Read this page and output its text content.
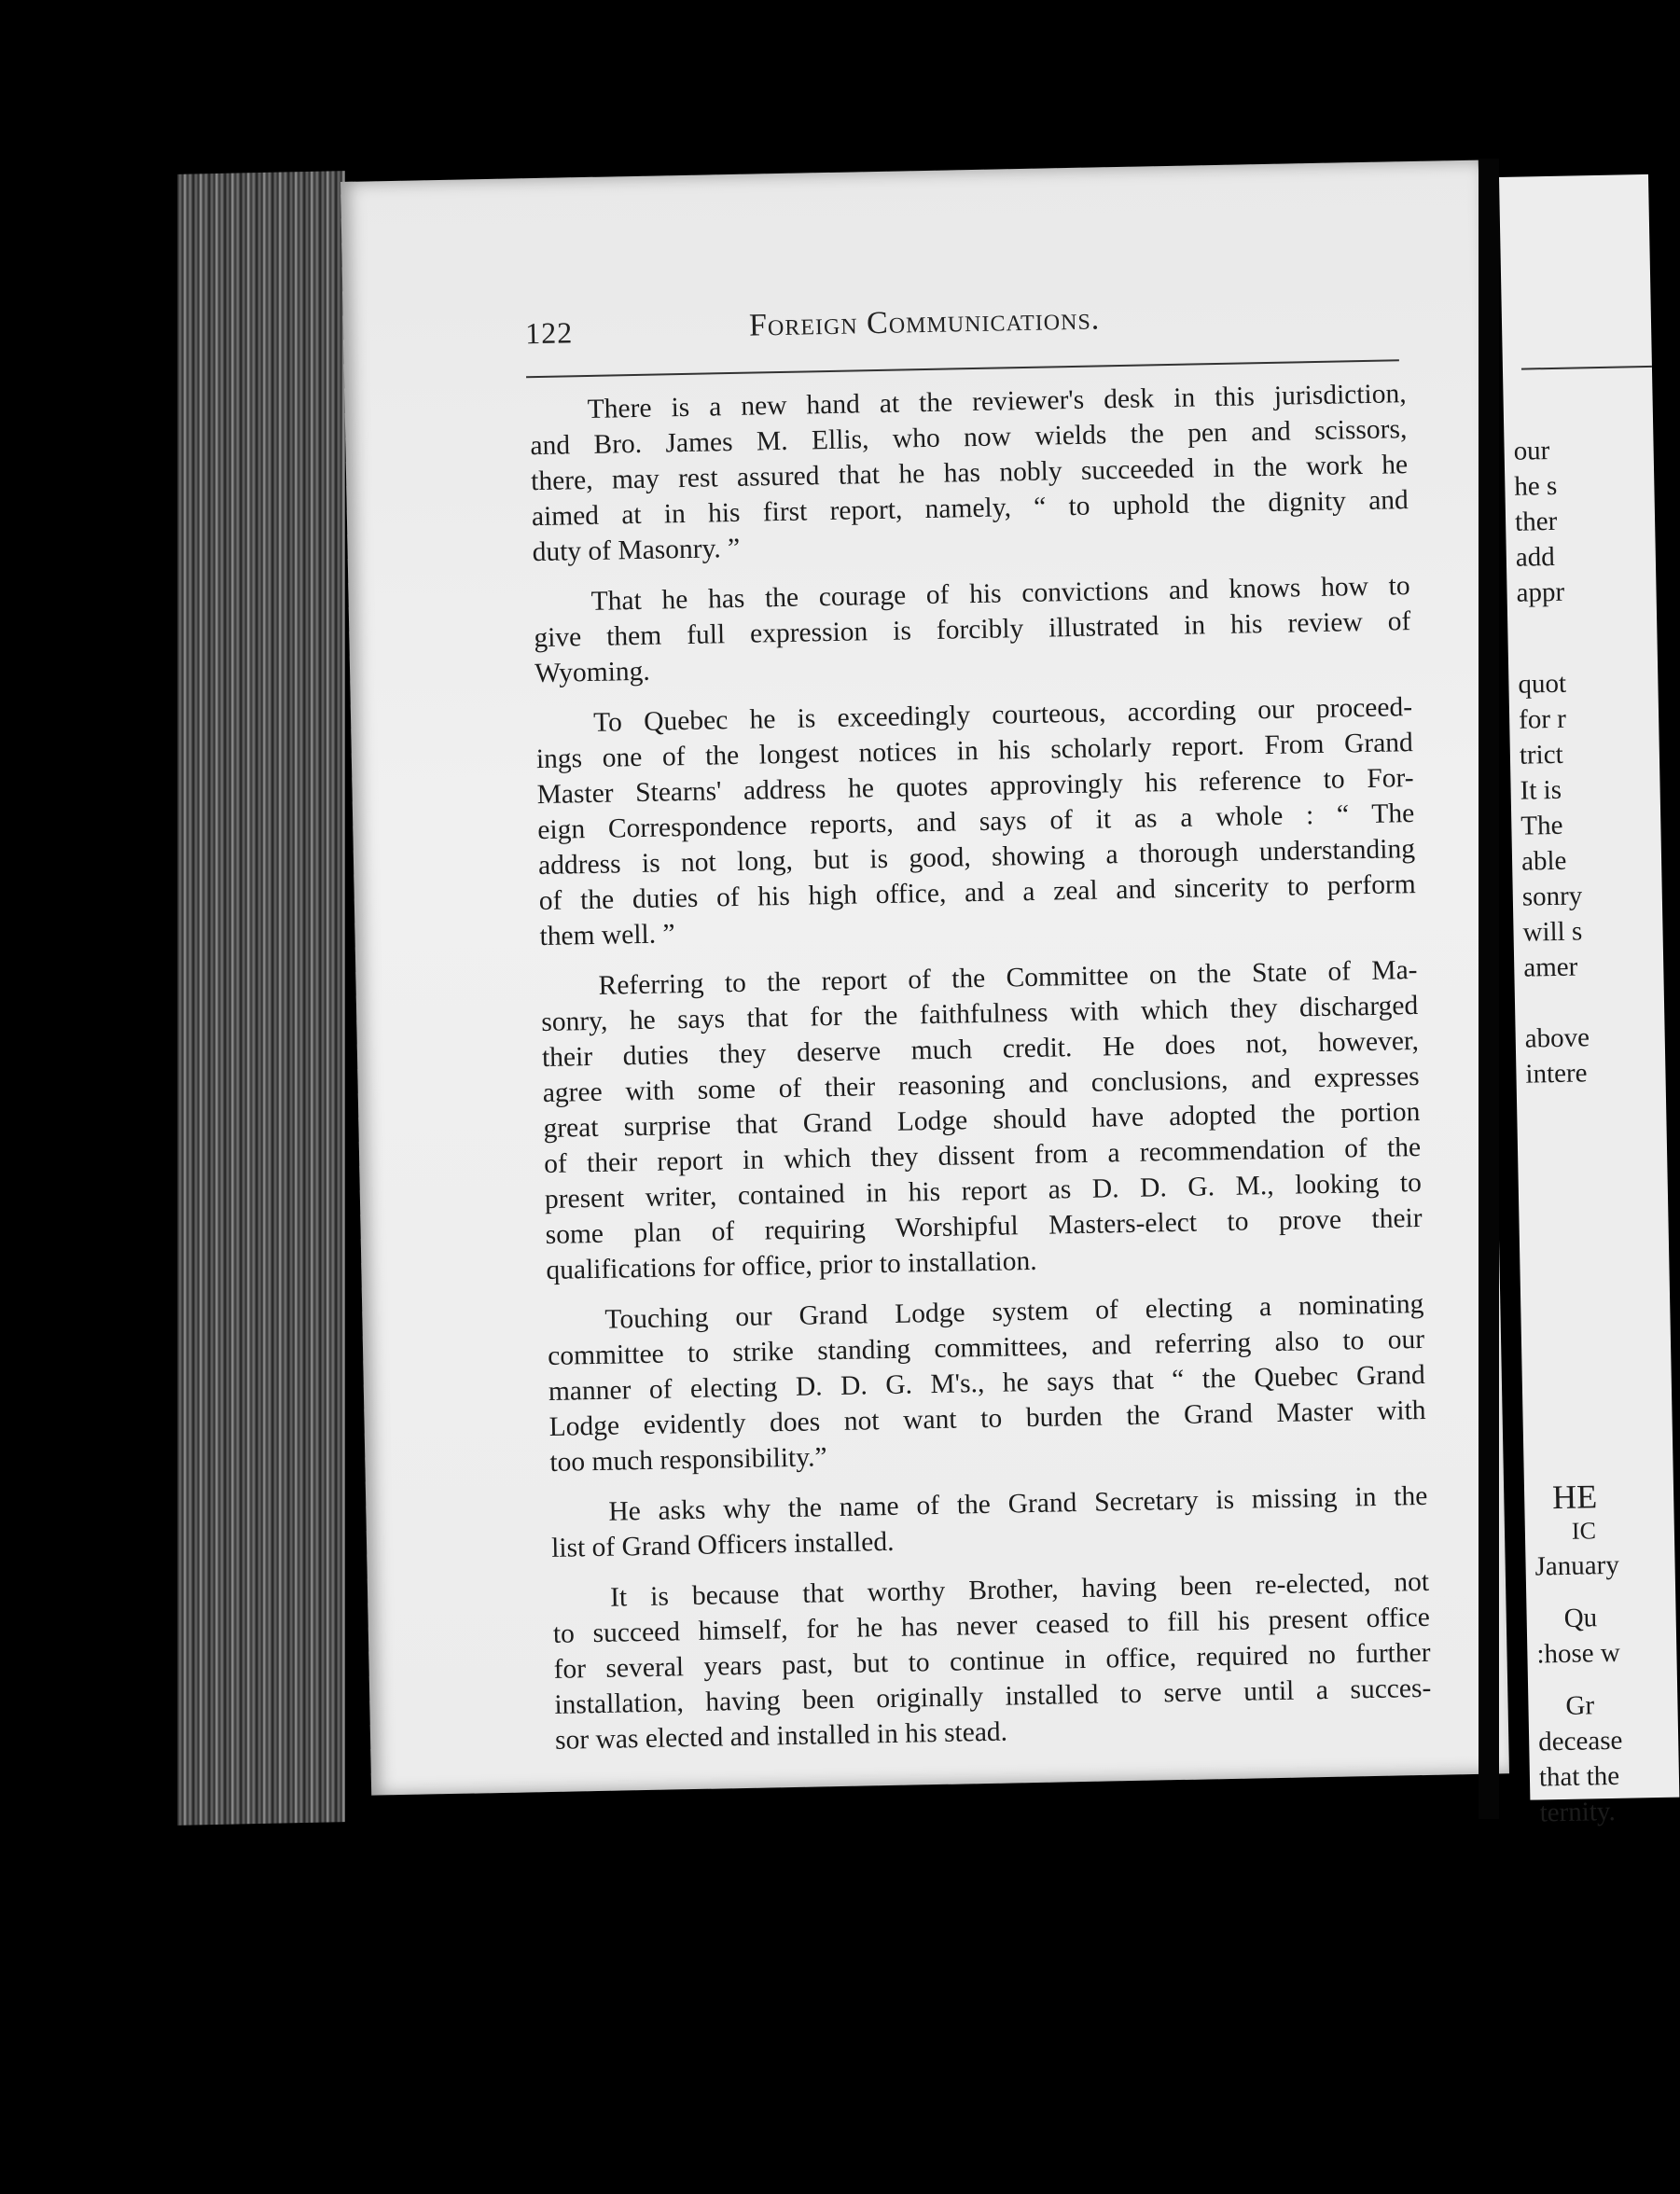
122	Foreign Communications.
There is a new hand at the reviewer's desk in this jurisdiction,
and Bro. James M. Ellis, who now wields the pen and scissors,
there, may rest assured that he has nobly succeeded in the work he
aimed at in his first report, namely, “ to uphold the dignity and
duty of Masonry. ”
That he has the courage of his convictions and knows how to
give them full expression is forcibly illustrated in his review of
Wyoming.
To Quebec he is exceedingly courteous, according our proceed-
ings one of the longest notices in his scholarly report. From Grand
Master Stearns' address he quotes approvingly his reference to For-
eign Correspondence reports, and says of it as a whole : “ The
address is not long, but is good, showing a thorough understanding
of the duties of his high office, and a zeal and sincerity to perform
them well. ”
Referring to the report of the Committee on the State of Ma-
sonry, he says that for the faithfulness with which they discharged
their duties they deserve much credit. He does not, however,
agree with some of their reasoning and conclusions, and expresses
great surprise that Grand Lodge should have adopted the portion
of their report in which they dissent from a recommendation of the
present writer, contained in his report as D. D. G. M., looking to
some plan of requiring Worshipful Masters-elect to prove their
qualifications for office, prior to installation.
Touching our Grand Lodge system of electing a nominating
committee to strike standing committees, and referring also to our
manner of electing D. D. G. M's., he says that “ the Quebec Grand
Lodge evidently does not want to burden the Grand Master with
too much responsibility.”
He asks why the name of the Grand Secretary is missing in the
list of Grand Officers installed.
It is because that worthy Brother, having been re-elected, not
to succeed himself, for he has never ceased to fill his present office
for several years past, but to continue in office, required no further
installation, having been originally installed to serve until a succes-
sor was elected and installed in his stead.
our
he s
ther
add
appr
quot
for r
trict
It is
The
able
sonry
will s
amer
above
intere
HE
IC
January
Qu
:hose w
Gr
decease
that the
ternity.
